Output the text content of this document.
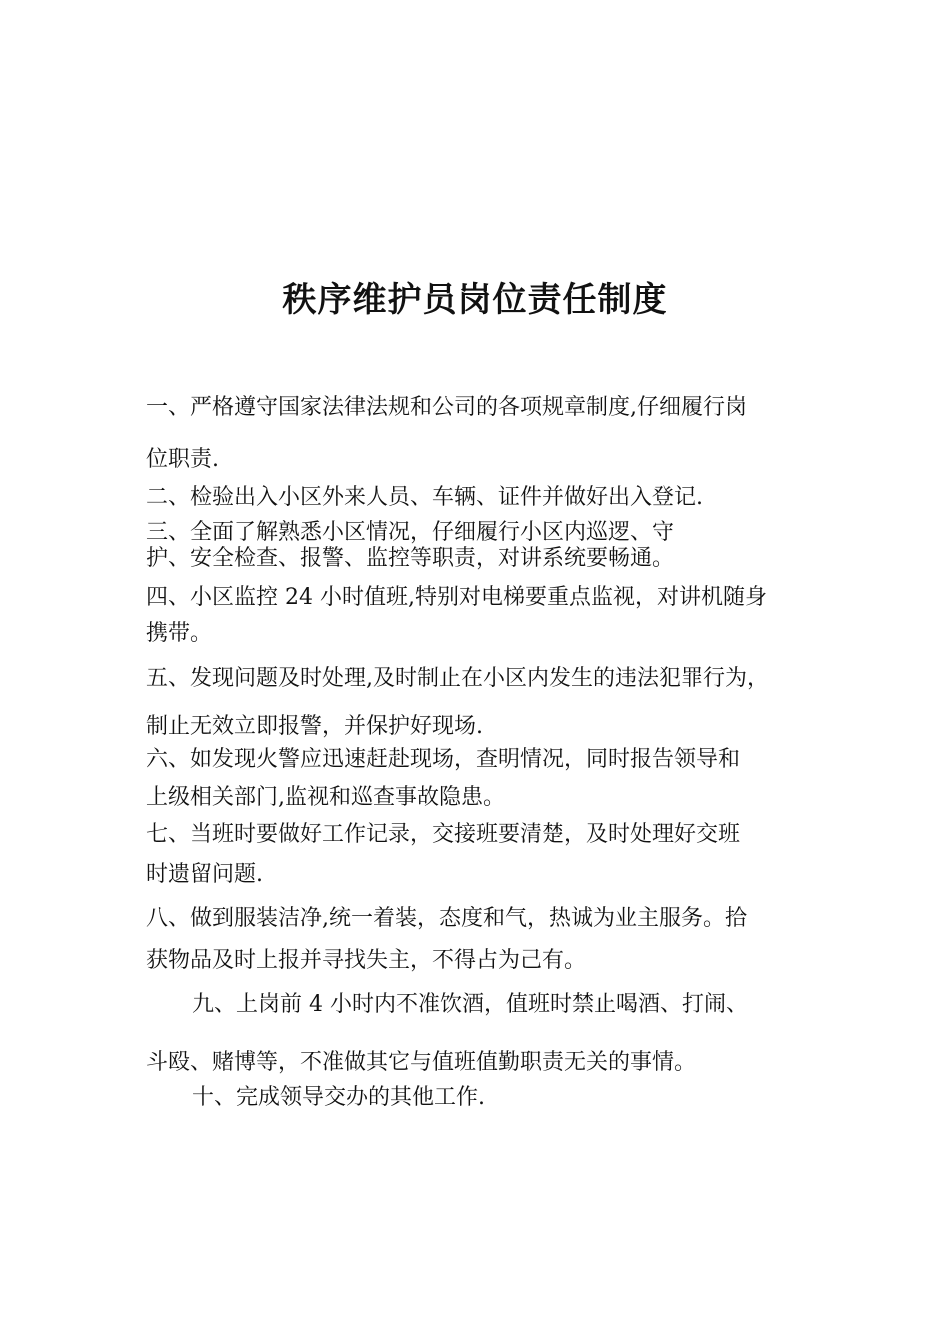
秩序维护员岗位责任制度
一、严格遵守国家法律法规和公司的各项规章制度,仔细履行岗
位职责.
二、检验出入小区外来人员、车辆、证件并做好出入登记.
三、全面了解熟悉小区情况，仔细履行小区内巡逻、守
护、安全检查、报警、监控等职责，对讲系统要畅通。
四、小区监控 24 小时值班,特别对电梯要重点监视，对讲机随身
携带。
五、发现问题及时处理,及时制止在小区内发生的违法犯罪行为，
制止无效立即报警，并保护好现场.
六、如发现火警应迅速赶赴现场，查明情况，同时报告领导和
上级相关部门,监视和巡查事故隐患。
七、当班时要做好工作记录，交接班要清楚，及时处理好交班
时遗留问题.
八、做到服装洁净,统一着装，态度和气，热诚为业主服务。拾
获物品及时上报并寻找失主，不得占为己有。
九、上岗前 4 小时内不准饮酒，值班时禁止喝酒、打闹、
斗殴、赌博等，不准做其它与值班值勤职责无关的事情。
十、完成领导交办的其他工作.
